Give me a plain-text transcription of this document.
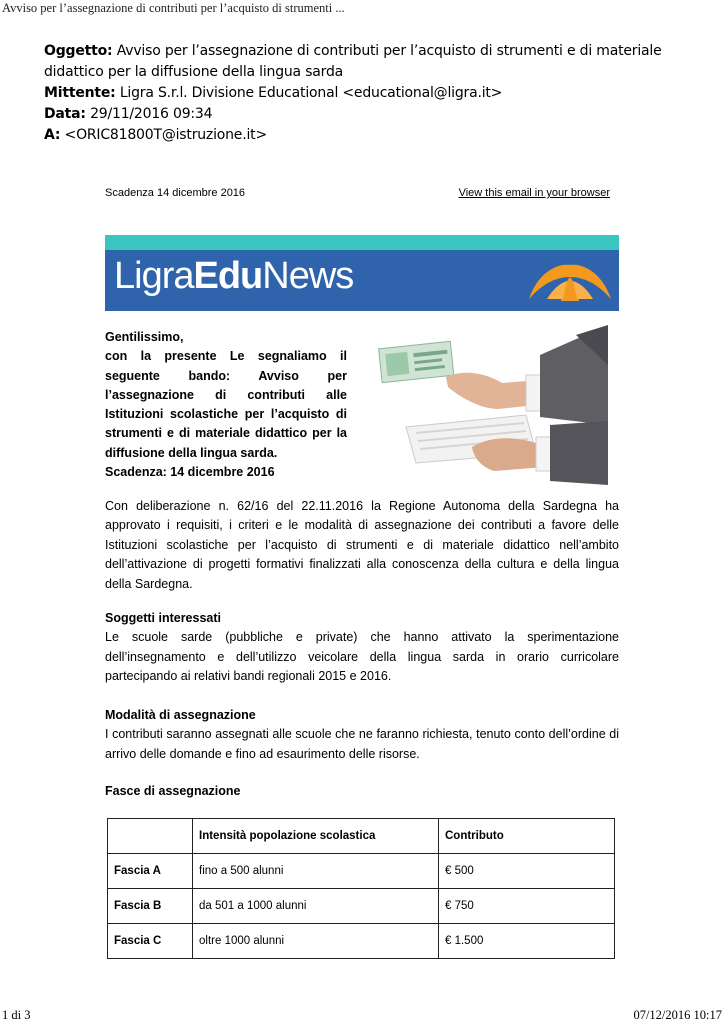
Avviso per l’assegnazione di contributi per l’acquisto di strumenti ...

Oggetto: Avviso per l’assegnazione di contributi per l’acquisto di strumenti e di materiale didattico per la diffusione della lingua sarda

Mittente: Ligra S.r.l. Divisione Educational <educational@ligra.it>

Data: 29/11/2016 09:34

A: <ORIC81800T@istruzione.it>

Scadenza 14 dicembre 2016	View this email in your browser
LigraEduNews

Gentilissimo,

con la presente Le segnaliamo il seguente bando: Avviso per l’assegnazione di contributi alle Istituzioni scolastiche per l’acquisto di strumenti e di materiale didattico per la diffusione della lingua sarda.

Scadenza: 14 dicembre 2016

Con deliberazione n. 62/16 del 22.11.2016 la Regione Autonoma della Sardegna ha approvato i requisiti, i criteri e le modalità di assegnazione dei contributi a favore delle Istituzioni scolastiche per l’acquisto di strumenti e di materiale didattico nell’ambito dell’attivazione di progetti formativi finalizzati alla conoscenza della cultura e della lingua della Sardegna.

Soggetti interessati

Le scuole sarde (pubbliche e private) che hanno attivato la sperimentazione dell’insegnamento e dell’utilizzo veicolare della lingua sarda in orario curricolare partecipando ai relativi bandi regionali 2015 e 2016.

Modalità di assegnazione

I contributi saranno assegnati alle scuole che ne faranno richiesta, tenuto conto dell’ordine di arrivo delle domande e fino ad esaurimento delle risorse.

Fasce di assegnazione
	Intensità popolazione scolastica	Contributo
Fascia A	fino a 500 alunni	€ 500
Fascia B	da 501 a 1000 alunni	€ 750
Fascia C	oltre 1000 alunni	€ 1.500
1 di 3	07/12/2016 10:17
